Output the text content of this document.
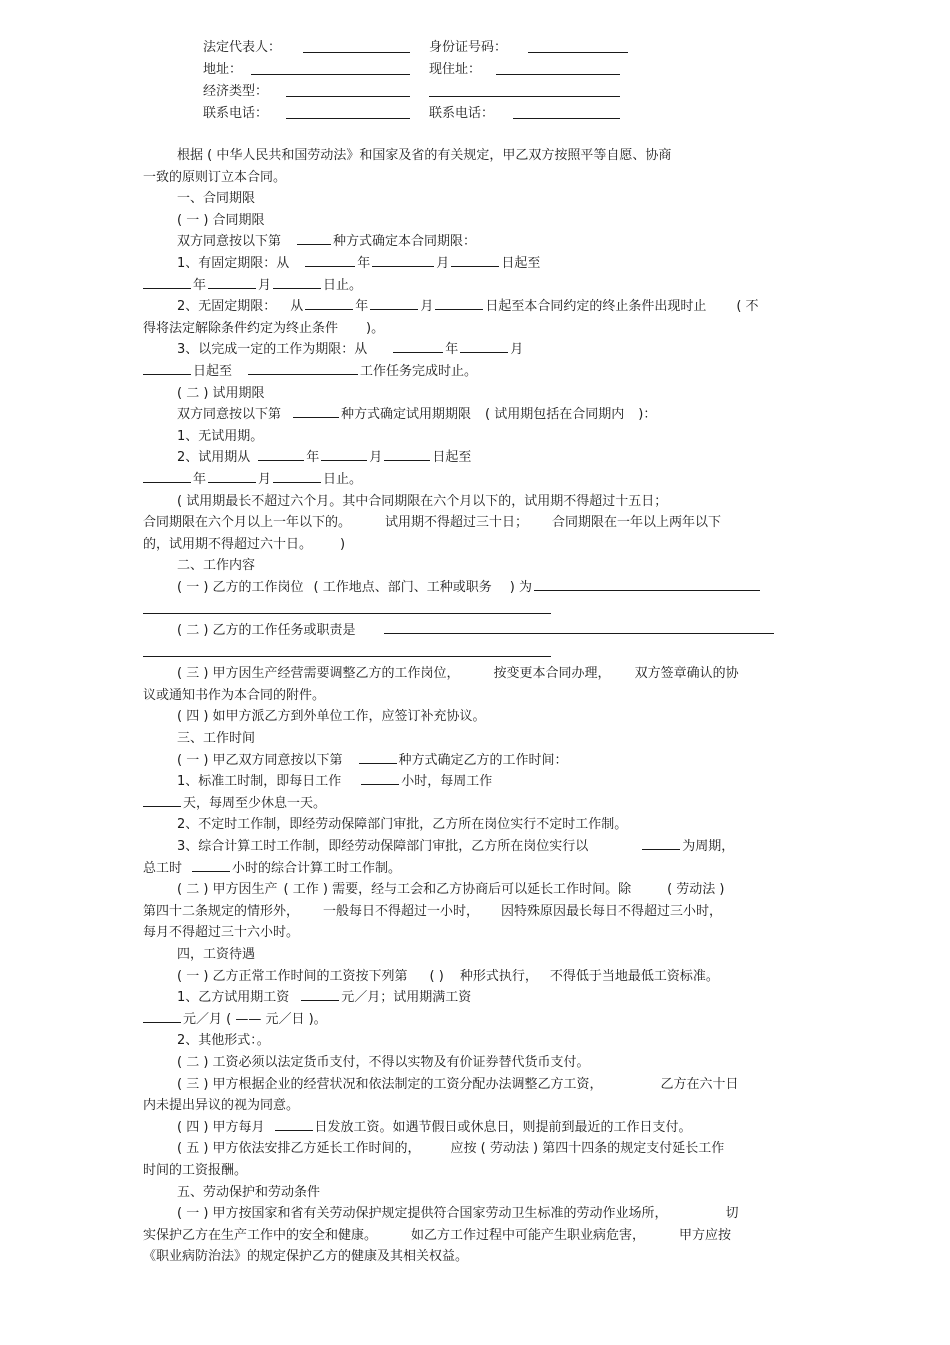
法定代表人：	身份证号码：
地址：	现住址：
经济类型：
联系电话：	联系电话：
根据 ( 中华人民共和国劳动法》和国家及省的有关规定，甲乙双方按照平等自愿、协商
一致的原则订立本合同。
一、合同期限
( 一 ) 合同期限
双方同意按以下第	种方式确定本合同期限：
1、有固定期限：从	年	月	日起至
年	月	日止。
2、无固定期限： 从	年	月	日起至本合同约定的终止条件出现时止 ( 不
得将法定解除条件约定为终止条件 )。
3、以完成一定的工作为期限：从	年	月
日起至	工作任务完成时止。
( 二 ) 试用期限
双方同意按以下第	种方式确定试用期期限 ( 试用期包括在合同期内 )：
1、无试用期。
2、试用期从	年	月	日起至
年	月	日止。
( 试用期最长不超过六个月。其中合同期限在六个月以下的，试用期不得超过十五日；
合同期限在六个月以上一年以下的。	试用期不得超过三十日； 合同期限在一年以上两年以下
的，试用期不得超过六十日。 )
二、工作内容
( 一 ) 乙方的工作岗位 ( 工作地点、部门、工种或职务 ) 为
( 二 ) 乙方的工作任务或职责是
( 三 ) 甲方因生产经营需要调整乙方的工作岗位，	按变更本合同办理， 双方签章确认的协
议或通知书作为本合同的附件。
( 四 ) 如甲方派乙方到外单位工作，应签订补充协议。
三、工作时间
( 一 ) 甲乙双方同意按以下第	种方式确定乙方的工作时间：
1、标准工时制，即每日工作	小时，每周工作
天，每周至少休息一天。
2、不定时工作制，即经劳动保障部门审批，乙方所在岗位实行不定时工作制。
3、综合计算工时工作制，即经劳动保障部门审批，乙方所在岗位实行以	为周期，
总工时	小时的综合计算工时工作制。
( 二 ) 甲方因生产 ( 工作 ) 需要，经与工会和乙方协商后可以延长工作时间。除	( 劳动法 )
第四十二条规定的情形外， 一般每日不得超过一小时， 因特殊原因最长每日不得超过三小时，
每月不得超过三十六小时。
四，工资待遇
( 一 ) 乙方正常工作时间的工资按下列第 ( ) 种形式执行， 不得低于当地最低工资标准。
1、乙方试用期工资	元／月；试用期满工资
元／月 ( —— 元／日 )。
2、其他形式：。
( 二 ) 工资必须以法定货币支付，不得以实物及有价证券替代货币支付。
( 三 ) 甲方根据企业的经营状况和依法制定的工资分配办法调整乙方工资，	乙方在六十日
内未提出异议的视为同意。
( 四 ) 甲方每月	日发放工资。如遇节假日或休息日，则提前到最近的工作日支付。
( 五 ) 甲方依法安排乙方延长工作时间的， 应按 ( 劳动法 ) 第四十四条的规定支付延长工作
时间的工资报酬。
五、劳动保护和劳动条件
( 一 ) 甲方按国家和省有关劳动保护规定提供符合国家劳动卫生标准的劳动作业场所，	切
实保护乙方在生产工作中的安全和健康。	如乙方工作过程中可能产生职业病危害，	甲方应按
《职业病防治法》的规定保护乙方的健康及其相关权益。
